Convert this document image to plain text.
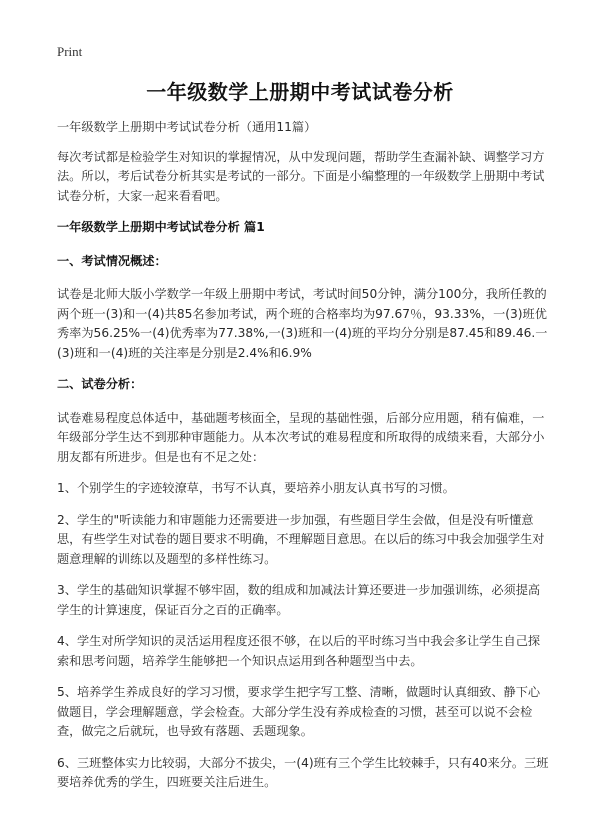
Print
一年级数学上册期中考试试卷分析

一年级数学上册期中考试试卷分析（通用11篇）

每次考试都是检验学生对知识的掌握情况，从中发现问题，帮助学生查漏补缺、调整学习方法。所以，考后试卷分析其实是考试的一部分。下面是小编整理的一年级数学上册期中考试试卷分析，大家一起来看看吧。

一年级数学上册期中考试试卷分析 篇1

一、考试情况概述：

试卷是北师大版小学数学一年级上册期中考试，考试时间50分钟，满分100分，我所任教的两个班一(3)和一(4)共85名参加考试，两个班的合格率均为97.67％，93.33%，一(3)班优秀率为56.25%一(4)优秀率为77.38%,一(3)班和一(4)班的平均分分别是87.45和89.46.一(3)班和一(4)班的关注率是分别是2.4%和6.9%

二、试卷分析：

试卷难易程度总体适中，基础题考核面全，呈现的基础性强，后部分应用题，稍有偏难，一年级部分学生达不到那种审题能力。从本次考试的难易程度和所取得的成绩来看，大部分小朋友都有所进步。但是也有不足之处：

1、个别学生的字迹较潦草，书写不认真，要培养小朋友认真书写的习惯。

2、学生的"听读能力和审题能力还需要进一步加强，有些题目学生会做，但是没有听懂意思，有些学生对试卷的题目要求不明确，不理解题目意思。在以后的练习中我会加强学生对题意理解的训练以及题型的多样性练习。

3、学生的基础知识掌握不够牢固，数的组成和加减法计算还要进一步加强训练，必须提高学生的计算速度，保证百分之百的正确率。

4、学生对所学知识的灵活运用程度还很不够，在以后的平时练习当中我会多让学生自己探索和思考问题，培养学生能够把一个知识点运用到各种题型当中去。

5、培养学生养成良好的学习习惯，要求学生把字写工整、清晰，做题时认真细致、静下心做题目，学会理解题意，学会检查。大部分学生没有养成检查的习惯，甚至可以说不会检查，做完之后就玩，也导致有落题、丢题现象。

6、三班整体实力比较弱，大部分不拔尖，一(4)班有三个学生比较棘手，只有40来分。三班要培养优秀的学生，四班要关注后进生。
